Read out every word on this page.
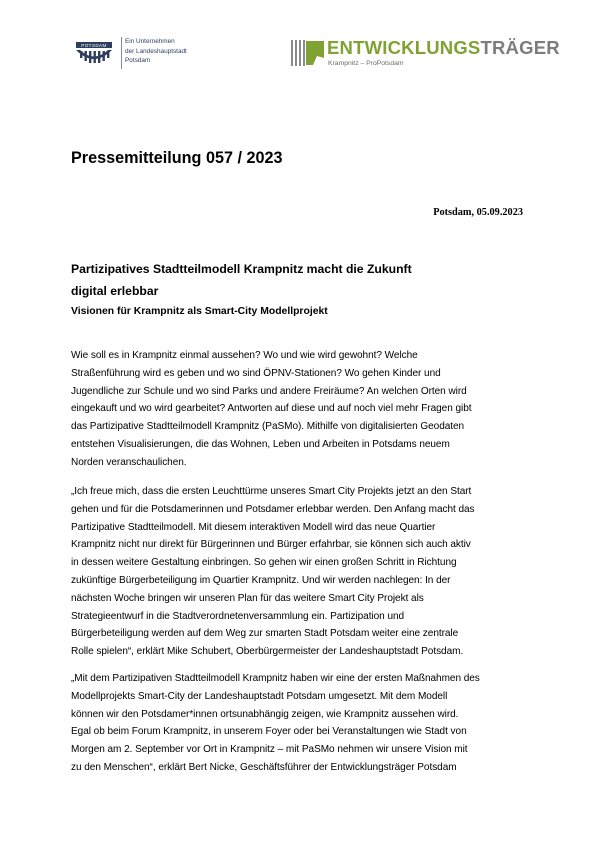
POTSDAM
Ein Unternehmen
der Landeshauptstadt
Potsdam
ENTWICKLUNGSTRÄGER
Krampnitz – ProPotsdam
Pressemitteilung 057 / 2023
Potsdam, 05.09.2023
Partizipatives Stadtteilmodell Krampnitz macht die Zukunft
digital erlebbar
Visionen für Krampnitz als Smart-City Modellprojekt
Wie soll es in Krampnitz einmal aussehen? Wo und wie wird gewohnt? Welche
Straßenführung wird es geben und wo sind ÖPNV-Stationen? Wo gehen Kinder und
Jugendliche zur Schule und wo sind Parks und andere Freiräume? An welchen Orten wird
eingekauft und wo wird gearbeitet? Antworten auf diese und auf noch viel mehr Fragen gibt
das Partizipative Stadtteilmodell Krampnitz (PaSMo). Mithilfe von digitalisierten Geodaten
entstehen Visualisierungen, die das Wohnen, Leben und Arbeiten in Potsdams neuem
Norden veranschaulichen.
„Ich freue mich, dass die ersten Leuchttürme unseres Smart City Projekts jetzt an den Start
gehen und für die Potsdamerinnen und Potsdamer erlebbar werden. Den Anfang macht das
Partizipative Stadtteilmodell. Mit diesem interaktiven Modell wird das neue Quartier
Krampnitz nicht nur direkt für Bürgerinnen und Bürger erfahrbar, sie können sich auch aktiv
in dessen weitere Gestaltung einbringen. So gehen wir einen großen Schritt in Richtung
zukünftige Bürgerbeteiligung im Quartier Krampnitz. Und wir werden nachlegen: In der
nächsten Woche bringen wir unseren Plan für das weitere Smart City Projekt als
Strategieentwurf in die Stadtverordnetenversammlung ein. Partizipation und
Bürgerbeteiligung werden auf dem Weg zur smarten Stadt Potsdam weiter eine zentrale
Rolle spielen“, erklärt Mike Schubert, Oberbürgermeister der Landeshauptstadt Potsdam.
„Mit dem Partizipativen Stadtteilmodell Krampnitz haben wir eine der ersten Maßnahmen des
Modellprojekts Smart-City der Landeshauptstadt Potsdam umgesetzt. Mit dem Modell
können wir den Potsdamer*innen ortsunabhängig zeigen, wie Krampnitz aussehen wird.
Egal ob beim Forum Krampnitz, in unserem Foyer oder bei Veranstaltungen wie Stadt von
Morgen am 2. September vor Ort in Krampnitz – mit PaSMo nehmen wir unsere Vision mit
zu den Menschen“, erklärt Bert Nicke, Geschäftsführer der Entwicklungsträger Potsdam
